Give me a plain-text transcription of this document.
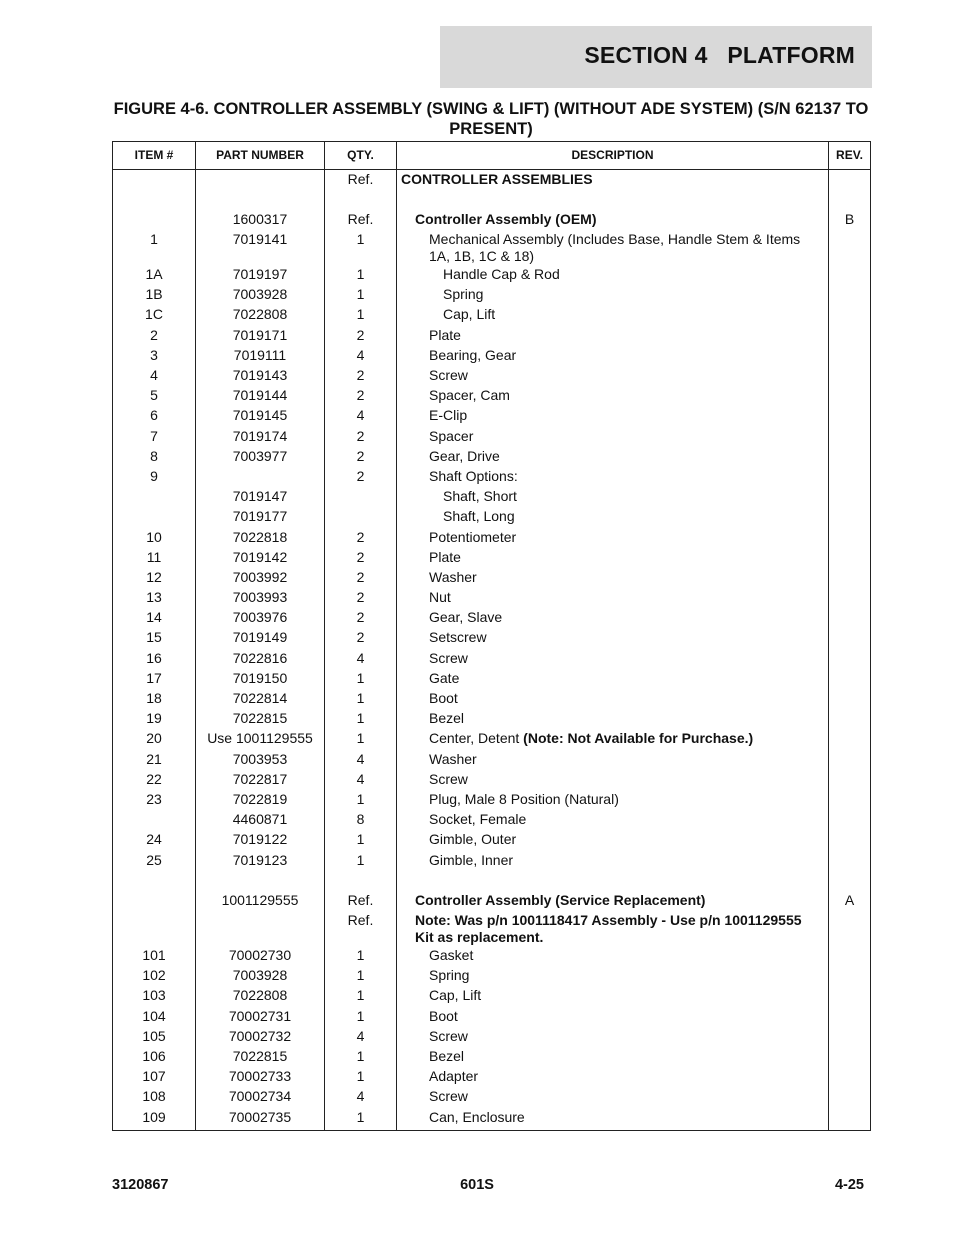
SECTION 4   PLATFORM
FIGURE 4-6. CONTROLLER ASSEMBLY (SWING & LIFT) (WITHOUT ADE SYSTEM) (S/N 62137 TO PRESENT)
ITEM #	PART NUMBER	QTY.	DESCRIPTION	REV.
		Ref.	CONTROLLER ASSEMBLIES	

	1600317	Ref.	Controller Assembly (OEM)	B
1	7019141	1	Mechanical Assembly (Includes Base, Handle Stem & Items 1A, 1B, 1C & 18)	
1A	7019197	1	Handle Cap & Rod	
1B	7003928	1	Spring	
1C	7022808	1	Cap, Lift	
2	7019171	2	Plate	
3	7019111	4	Bearing, Gear	
4	7019143	2	Screw	
5	7019144	2	Spacer, Cam	
6	7019145	4	E-Clip	
7	7019174	2	Spacer	
8	7003977	2	Gear, Drive	
9		2	Shaft Options:	
	7019147		Shaft, Short	
	7019177		Shaft, Long	
10	7022818	2	Potentiometer	
11	7019142	2	Plate	
12	7003992	2	Washer	
13	7003993	2	Nut	
14	7003976	2	Gear, Slave	
15	7019149	2	Setscrew	
16	7022816	4	Screw	
17	7019150	1	Gate	
18	7022814	1	Boot	
19	7022815	1	Bezel	
20	Use 1001129555	1	Center, Detent (Note: Not Available for Purchase.)	
21	7003953	4	Washer	
22	7022817	4	Screw	
23	7022819	1	Plug, Male 8 Position (Natural)	
	4460871	8	Socket, Female	
24	7019122	1	Gimble, Outer	
25	7019123	1	Gimble, Inner	

	1001129555	Ref.	Controller Assembly (Service Replacement)	A
		Ref.	Note: Was p/n 1001118417 Assembly - Use p/n 1001129555 Kit as replacement.	
101	70002730	1	Gasket	
102	7003928	1	Spring	
103	7022808	1	Cap, Lift	
104	70002731	1	Boot	
105	70002732	4	Screw	
106	7022815	1	Bezel	
107	70002733	1	Adapter	
108	70002734	4	Screw	
109	70002735	1	Can, Enclosure	
3120867	601S	4-25
